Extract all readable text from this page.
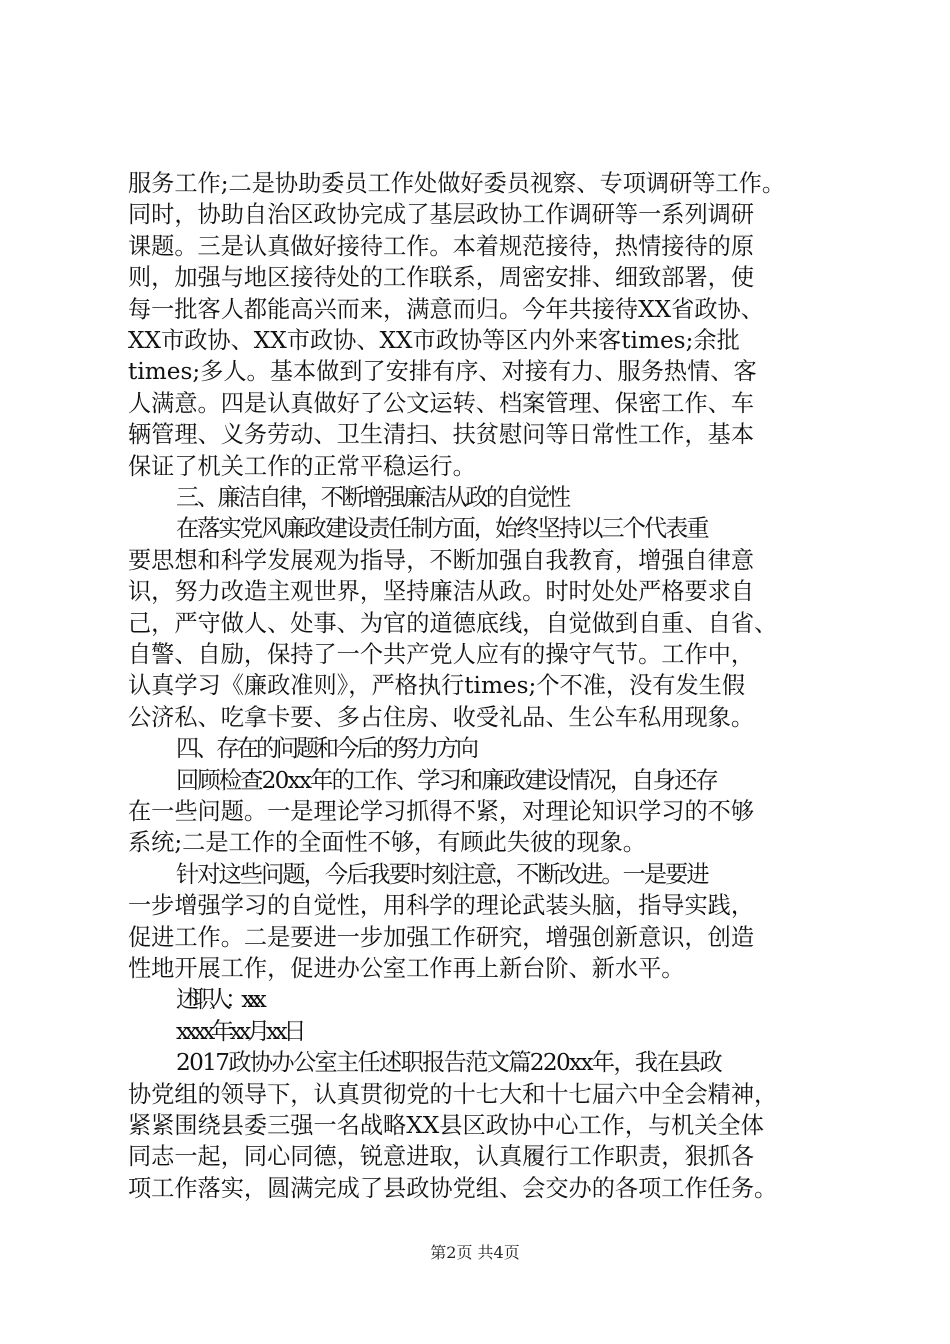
服务工作;二是协助委员工作处做好委员视察、专项调研等工作。
同时，协助自治区政协完成了基层政协工作调研等一系列调研
课题。三是认真做好接待工作。本着规范接待，热情接待的原
则，加强与地区接待处的工作联系，周密安排、细致部署，使
每一批客人都能高兴而来，满意而归。今年共接待XX省政协、
XX市政协、XX市政协、XX市政协等区内外来客times;余批
times;多人。基本做到了安排有序、对接有力、服务热情、客
人满意。四是认真做好了公文运转、档案管理、保密工作、车
辆管理、义务劳动、卫生清扫、扶贫慰问等日常性工作，基本
保证了机关工作的正常平稳运行。
三、廉洁自律，不断增强廉洁从政的自觉性
在落实党风廉政建设责任制方面，始终坚持以三个代表重
要思想和科学发展观为指导，不断加强自我教育，增强自律意
识，努力改造主观世界，坚持廉洁从政。时时处处严格要求自
己，严守做人、处事、为官的道德底线，自觉做到自重、自省、
自警、自励，保持了一个共产党人应有的操守气节。工作中，
认真学习《廉政准则》，严格执行times;个不准，没有发生假
公济私、吃拿卡要、多占住房、收受礼品、生公车私用现象。
四、存在的问题和今后的努力方向
回顾检查20xx年的工作、学习和廉政建设情况，自身还存
在一些问题。一是理论学习抓得不紧，对理论知识学习的不够
系统;二是工作的全面性不够，有顾此失彼的现象。
针对这些问题，今后我要时刻注意，不断改进。一是要进
一步增强学习的自觉性，用科学的理论武装头脑，指导实践，
促进工作。二是要进一步加强工作研究，增强创新意识，创造
性地开展工作，促进办公室工作再上新台阶、新水平。
述职人：xxx
xxxx年xx月xx日
2017政协办公室主任述职报告范文篇220xx年，我在县政
协党组的领导下，认真贯彻党的十七大和十七届六中全会精神，
紧紧围绕县委三强一名战略XX县区政协中心工作，与机关全体
同志一起，同心同德，锐意进取，认真履行工作职责，狠抓各
项工作落实，圆满完成了县政协党组、会交办的各项工作任务。
第2页 共4页
